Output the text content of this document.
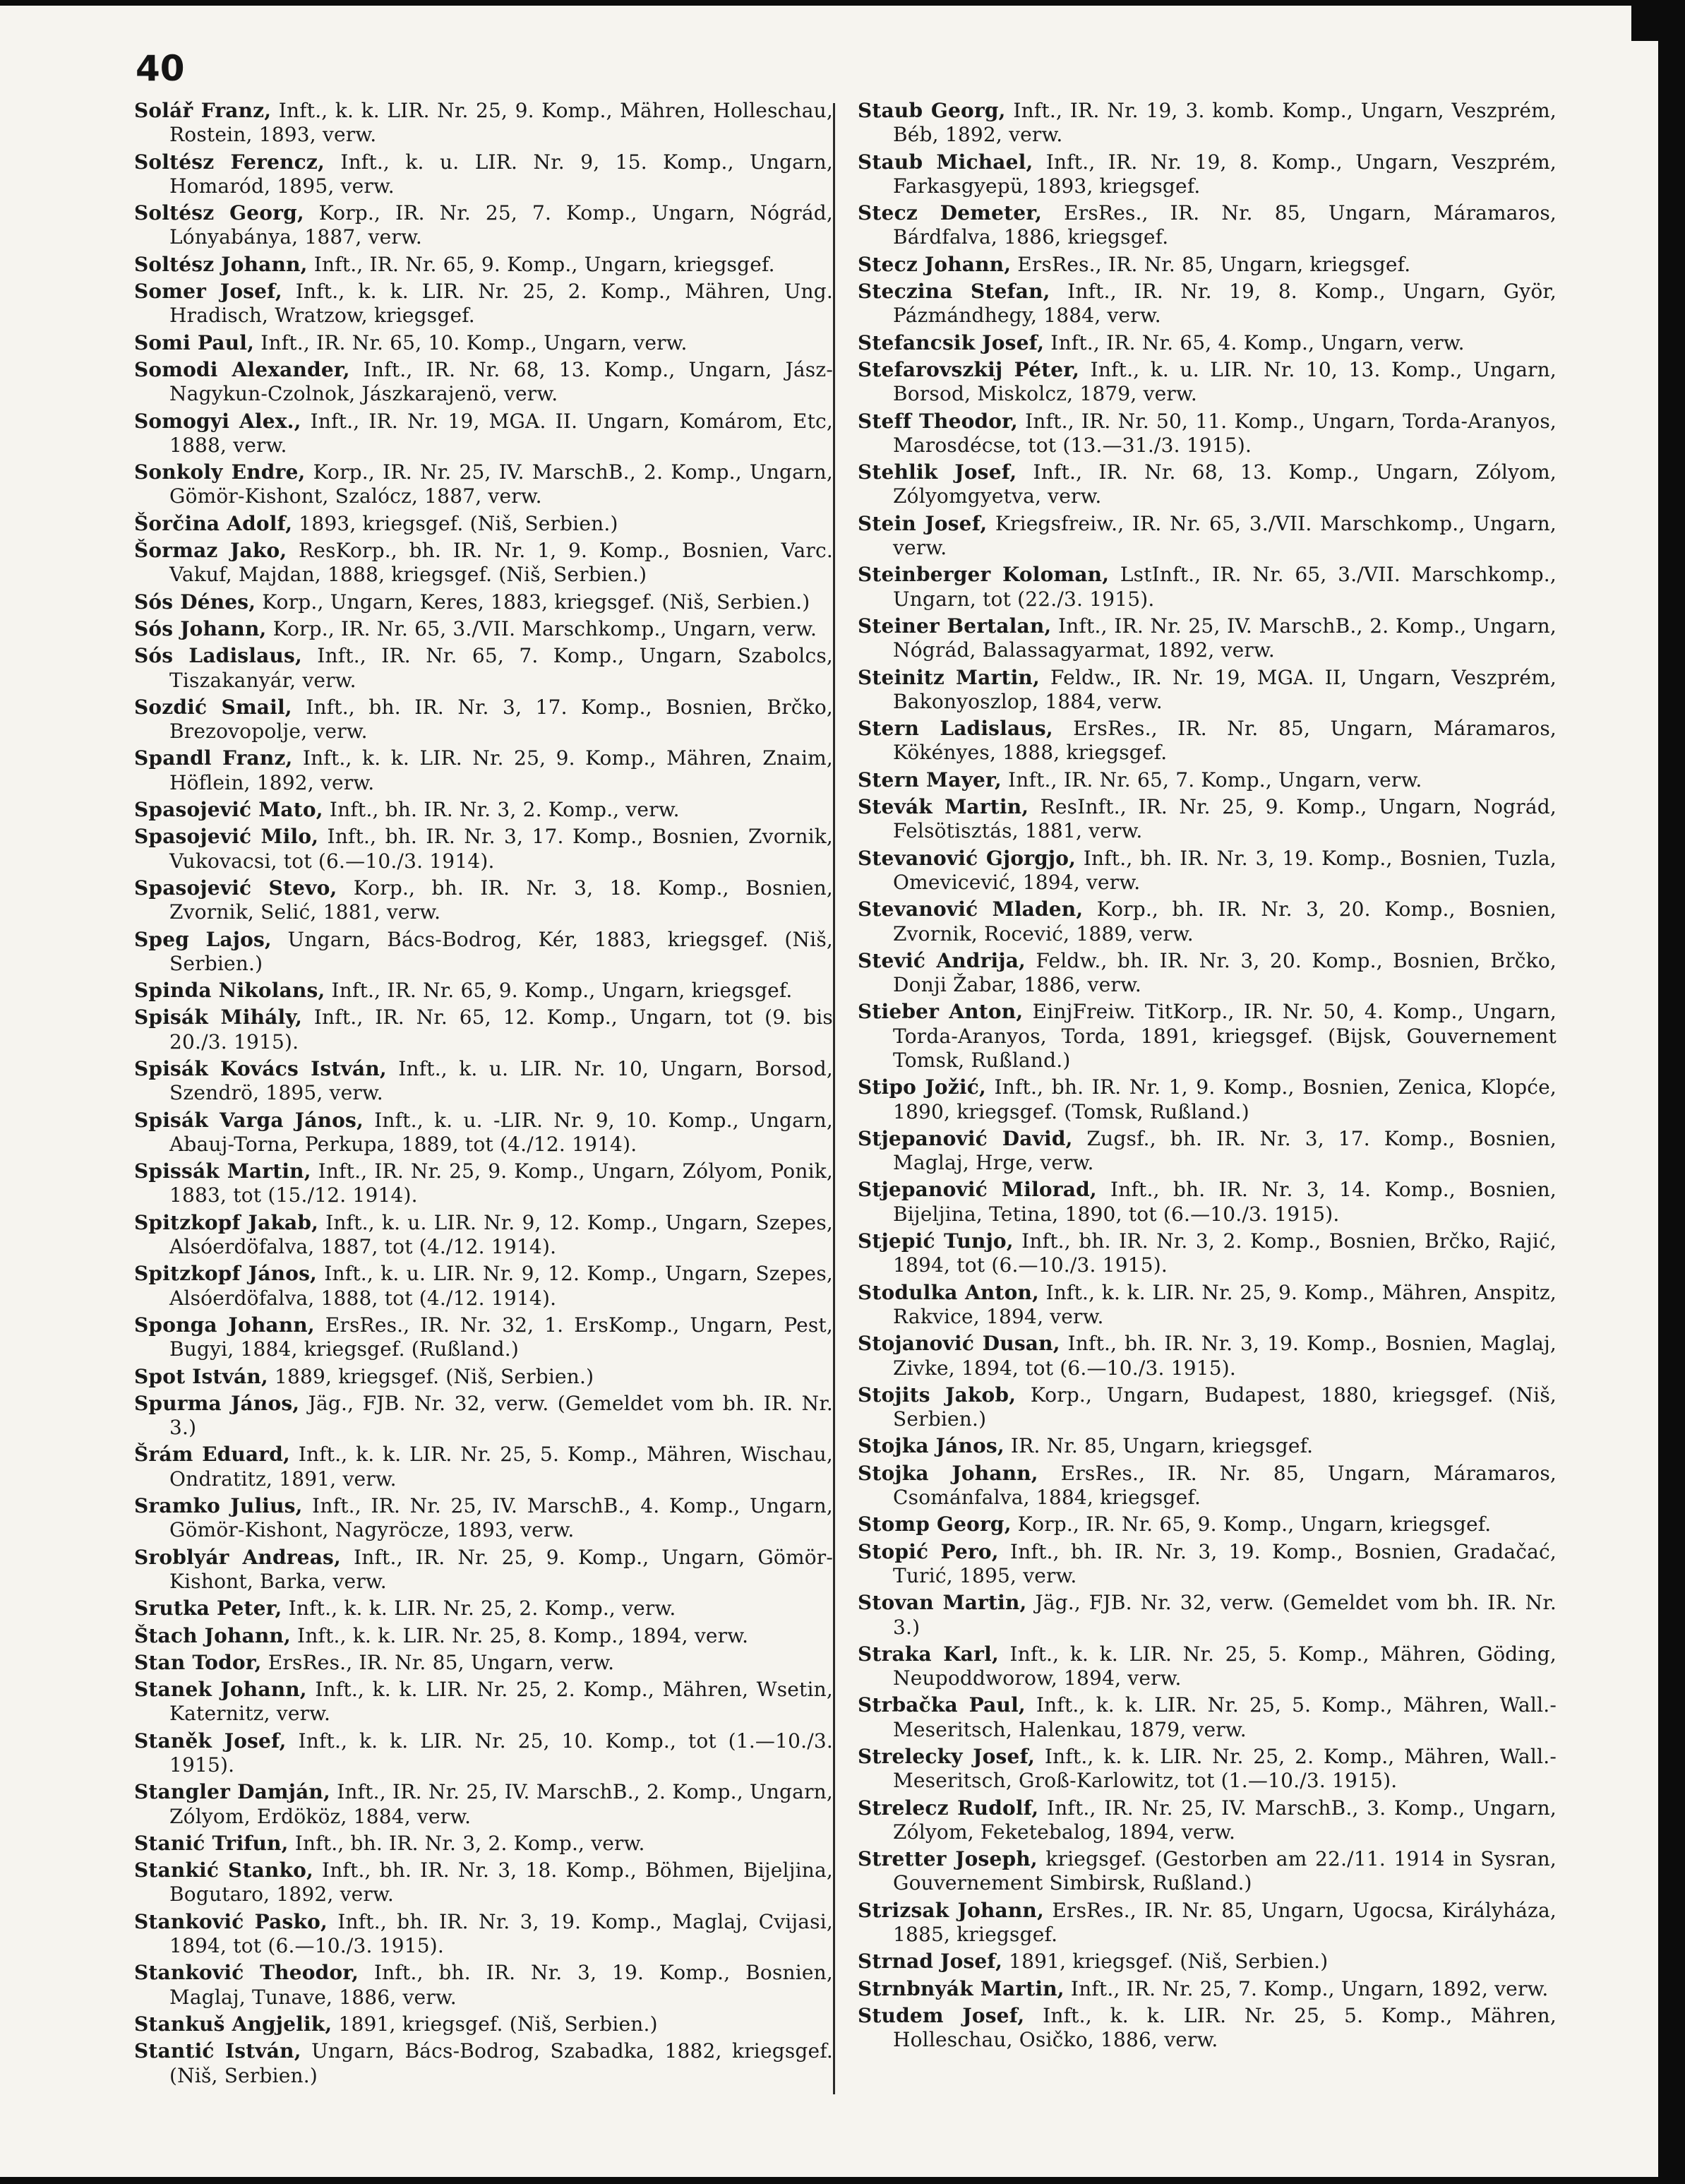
40

Solář Franz, Inft., k. k. LIR. Nr. 25, 9. Komp., Mähren, Holleschau, Rostein, 1893, verw.

Soltész Ferencz, Inft., k. u. LIR. Nr. 9, 15. Komp., Ungarn, Homaród, 1895, verw.

Soltész Georg, Korp., IR. Nr. 25, 7. Komp., Ungarn, Nógrád, Lónyabánya, 1887, verw.

Soltész Johann, Inft., IR. Nr. 65, 9. Komp., Ungarn, kriegsgef.

Somer Josef, Inft., k. k. LIR. Nr. 25, 2. Komp., Mähren, Ung. Hradisch, Wratzow, kriegsgef.

Somi Paul, Inft., IR. Nr. 65, 10. Komp., Ungarn, verw.

Somodi Alexander, Inft., IR. Nr. 68, 13. Komp., Ungarn, Jász-Nagykun-Czolnok, Jászkarajenö, verw.

Somogyi Alex., Inft., IR. Nr. 19, MGA. II. Ungarn, Komárom, Etc, 1888, verw.

Sonkoly Endre, Korp., IR. Nr. 25, IV. MarschB., 2. Komp., Ungarn, Gömör-Kishont, Szalócz, 1887, verw.

Šorčina Adolf, 1893, kriegsgef. (Niš, Serbien.)

Šormaz Jako, ResKorp., bh. IR. Nr. 1, 9. Komp., Bosnien, Varc. Vakuf, Majdan, 1888, kriegsgef. (Niš, Serbien.)

Sós Dénes, Korp., Ungarn, Keres, 1883, kriegsgef. (Niš, Serbien.)

Sós Johann, Korp., IR. Nr. 65, 3./VII. Marschkomp., Ungarn, verw.

Sós Ladislaus, Inft., IR. Nr. 65, 7. Komp., Ungarn, Szabolcs, Tiszakanyár, verw.

Sozdić Smail, Inft., bh. IR. Nr. 3, 17. Komp., Bosnien, Brčko, Brezovopolje, verw.

Spandl Franz, Inft., k. k. LIR. Nr. 25, 9. Komp., Mähren, Znaim, Höflein, 1892, verw.

Spasojević Mato, Inft., bh. IR. Nr. 3, 2. Komp., verw.

Spasojević Milo, Inft., bh. IR. Nr. 3, 17. Komp., Bosnien, Zvornik, Vukovacsi, tot (6.—10./3. 1914).

Spasojević Stevo, Korp., bh. IR. Nr. 3, 18. Komp., Bosnien, Zvornik, Selić, 1881, verw.

Speg Lajos, Ungarn, Bács-Bodrog, Kér, 1883, kriegsgef. (Niš, Serbien.)

Spinda Nikolans, Inft., IR. Nr. 65, 9. Komp., Ungarn, kriegsgef.

Spisák Mihály, Inft., IR. Nr. 65, 12. Komp., Ungarn, tot (9. bis 20./3. 1915).

Spisák Kovács István, Inft., k. u. LIR. Nr. 10, Ungarn, Borsod, Szendrö, 1895, verw.

Spisák Varga János, Inft., k. u. -LIR. Nr. 9, 10. Komp., Ungarn, Abauj-Torna, Perkupa, 1889, tot (4./12. 1914).

Spissák Martin, Inft., IR. Nr. 25, 9. Komp., Ungarn, Zólyom, Ponik, 1883, tot (15./12. 1914).

Spitzkopf Jakab, Inft., k. u. LIR. Nr. 9, 12. Komp., Ungarn, Szepes, Alsóerdöfalva, 1887, tot (4./12. 1914).

Spitzkopf János, Inft., k. u. LIR. Nr. 9, 12. Komp., Ungarn, Szepes, Alsóerdöfalva, 1888, tot (4./12. 1914).

Sponga Johann, ErsRes., IR. Nr. 32, 1. ErsKomp., Ungarn, Pest, Bugyi, 1884, kriegsgef. (Rußland.)

Spot István, 1889, kriegsgef. (Niš, Serbien.)

Spurma János, Jäg., FJB. Nr. 32, verw. (Gemeldet vom bh. IR. Nr. 3.)

Šrám Eduard, Inft., k. k. LIR. Nr. 25, 5. Komp., Mähren, Wischau, Ondratitz, 1891, verw.

Sramko Julius, Inft., IR. Nr. 25, IV. MarschB., 4. Komp., Ungarn, Gömör-Kishont, Nagyröcze, 1893, verw.

Sroblyár Andreas, Inft., IR. Nr. 25, 9. Komp., Ungarn, Gömör-Kishont, Barka, verw.

Srutka Peter, Inft., k. k. LIR. Nr. 25, 2. Komp., verw.

Štach Johann, Inft., k. k. LIR. Nr. 25, 8. Komp., 1894, verw.

Stan Todor, ErsRes., IR. Nr. 85, Ungarn, verw.

Stanek Johann, Inft., k. k. LIR. Nr. 25, 2. Komp., Mähren, Wsetin, Katernitz, verw.

Staněk Josef, Inft., k. k. LIR. Nr. 25, 10. Komp., tot (1.—10./3. 1915).

Stangler Damján, Inft., IR. Nr. 25, IV. MarschB., 2. Komp., Ungarn, Zólyom, Erdököz, 1884, verw.

Stanić Trifun, Inft., bh. IR. Nr. 3, 2. Komp., verw.

Stankić Stanko, Inft., bh. IR. Nr. 3, 18. Komp., Böhmen, Bijeljina, Bogutaro, 1892, verw.

Stanković Pasko, Inft., bh. IR. Nr. 3, 19. Komp., Maglaj, Cvijasi, 1894, tot (6.—10./3. 1915).

Stanković Theodor, Inft., bh. IR. Nr. 3, 19. Komp., Bosnien, Maglaj, Tunave, 1886, verw.

Stankuš Angjelik, 1891, kriegsgef. (Niš, Serbien.)

Stantić István, Ungarn, Bács-Bodrog, Szabadka, 1882, kriegsgef. (Niš, Serbien.)

Staub Georg, Inft., IR. Nr. 19, 3. komb. Komp., Ungarn, Veszprém, Béb, 1892, verw.

Staub Michael, Inft., IR. Nr. 19, 8. Komp., Ungarn, Veszprém, Farkasgyepü, 1893, kriegsgef.

Stecz Demeter, ErsRes., IR. Nr. 85, Ungarn, Máramaros, Bárdfalva, 1886, kriegsgef.

Stecz Johann, ErsRes., IR. Nr. 85, Ungarn, kriegsgef.

Steczina Stefan, Inft., IR. Nr. 19, 8. Komp., Ungarn, Györ, Pázmándhegy, 1884, verw.

Stefancsik Josef, Inft., IR. Nr. 65, 4. Komp., Ungarn, verw.

Stefarovszkij Péter, Inft., k. u. LIR. Nr. 10, 13. Komp., Ungarn, Borsod, Miskolcz, 1879, verw.

Steff Theodor, Inft., IR. Nr. 50, 11. Komp., Ungarn, Torda-Aranyos, Marosdécse, tot (13.—31./3. 1915).

Stehlik Josef, Inft., IR. Nr. 68, 13. Komp., Ungarn, Zólyom, Zólyomgyetva, verw.

Stein Josef, Kriegsfreiw., IR. Nr. 65, 3./VII. Marschkomp., Ungarn, verw.

Steinberger Koloman, LstInft., IR. Nr. 65, 3./VII. Marschkomp., Ungarn, tot (22./3. 1915).

Steiner Bertalan, Inft., IR. Nr. 25, IV. MarschB., 2. Komp., Ungarn, Nógrád, Balassagyarmat, 1892, verw.

Steinitz Martin, Feldw., IR. Nr. 19, MGA. II, Ungarn, Veszprém, Bakonyoszlop, 1884, verw.

Stern Ladislaus, ErsRes., IR. Nr. 85, Ungarn, Máramaros, Kökényes, 1888, kriegsgef.

Stern Mayer, Inft., IR. Nr. 65, 7. Komp., Ungarn, verw.

Stevák Martin, ResInft., IR. Nr. 25, 9. Komp., Ungarn, Nográd, Felsötisztás, 1881, verw.

Stevanović Gjorgjo, Inft., bh. IR. Nr. 3, 19. Komp., Bosnien, Tuzla, Omevicević, 1894, verw.

Stevanović Mladen, Korp., bh. IR. Nr. 3, 20. Komp., Bosnien, Zvornik, Rocević, 1889, verw.

Stević Andrija, Feldw., bh. IR. Nr. 3, 20. Komp., Bosnien, Brčko, Donji Žabar, 1886, verw.

Stieber Anton, EinjFreiw. TitKorp., IR. Nr. 50, 4. Komp., Ungarn, Torda-Aranyos, Torda, 1891, kriegsgef. (Bijsk, Gouvernement Tomsk, Rußland.)

Stipo Jožić, Inft., bh. IR. Nr. 1, 9. Komp., Bosnien, Zenica, Klopće, 1890, kriegsgef. (Tomsk, Rußland.)

Stjepanović David, Zugsf., bh. IR. Nr. 3, 17. Komp., Bosnien, Maglaj, Hrge, verw.

Stjepanović Milorad, Inft., bh. IR. Nr. 3, 14. Komp., Bosnien, Bijeljina, Tetina, 1890, tot (6.—10./3. 1915).

Stjepić Tunjo, Inft., bh. IR. Nr. 3, 2. Komp., Bosnien, Brčko, Rajić, 1894, tot (6.—10./3. 1915).

Stodulka Anton, Inft., k. k. LIR. Nr. 25, 9. Komp., Mähren, Anspitz, Rakvice, 1894, verw.

Stojanović Dusan, Inft., bh. IR. Nr. 3, 19. Komp., Bosnien, Maglaj, Zivke, 1894, tot (6.—10./3. 1915).

Stojits Jakob, Korp., Ungarn, Budapest, 1880, kriegsgef. (Niš, Serbien.)

Stojka János, IR. Nr. 85, Ungarn, kriegsgef.

Stojka Johann, ErsRes., IR. Nr. 85, Ungarn, Máramaros, Csománfalva, 1884, kriegsgef.

Stomp Georg, Korp., IR. Nr. 65, 9. Komp., Ungarn, kriegsgef.

Stopić Pero, Inft., bh. IR. Nr. 3, 19. Komp., Bosnien, Gradačać, Turić, 1895, verw.

Stovan Martin, Jäg., FJB. Nr. 32, verw. (Gemeldet vom bh. IR. Nr. 3.)

Straka Karl, Inft., k. k. LIR. Nr. 25, 5. Komp., Mähren, Göding, Neupoddworow, 1894, verw.

Strbačka Paul, Inft., k. k. LIR. Nr. 25, 5. Komp., Mähren, Wall.-Meseritsch, Halenkau, 1879, verw.

Strelecky Josef, Inft., k. k. LIR. Nr. 25, 2. Komp., Mähren, Wall.-Meseritsch, Groß-Karlowitz, tot (1.—10./3. 1915).

Strelecz Rudolf, Inft., IR. Nr. 25, IV. MarschB., 3. Komp., Ungarn, Zólyom, Feketebalog, 1894, verw.

Stretter Joseph, kriegsgef. (Gestorben am 22./11. 1914 in Sysran, Gouvernement Simbirsk, Rußland.)

Strizsak Johann, ErsRes., IR. Nr. 85, Ungarn, Ugocsa, Királyháza, 1885, kriegsgef.

Strnad Josef, 1891, kriegsgef. (Niš, Serbien.)

Strnbnyák Martin, Inft., IR. Nr. 25, 7. Komp., Ungarn, 1892, verw.

Studem Josef, Inft., k. k. LIR. Nr. 25, 5. Komp., Mähren, Holleschau, Osičko, 1886, verw.
